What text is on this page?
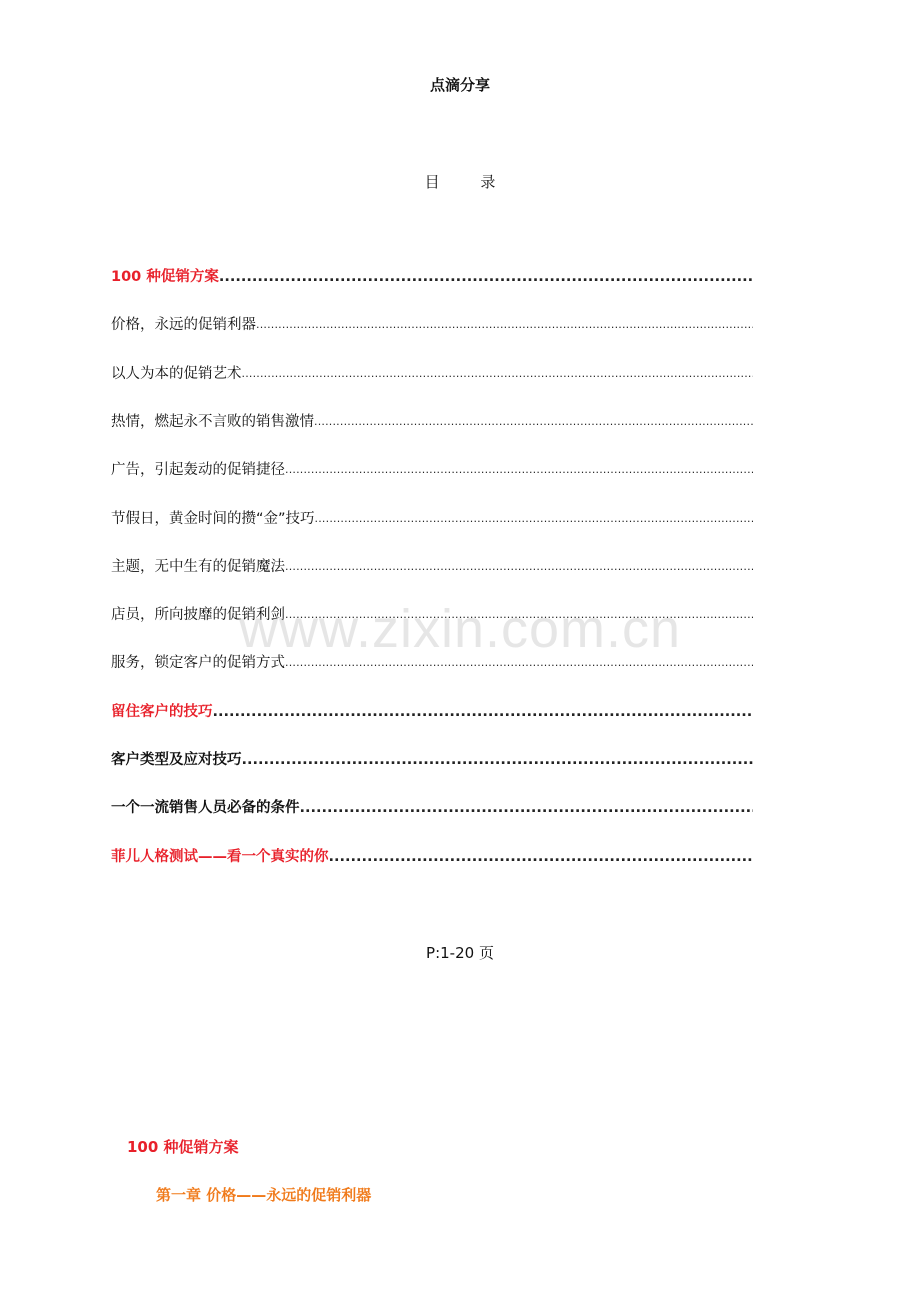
点滴分享
目 录
100 种促销方案
.....
价格，永远的促销利器
.....
以人为本的促销艺术
.....
热情，燃起永不言败的销售激情
.....
广告，引起轰动的促销捷径
.....
节假日，黄金时间的攒“金”技巧
.....
主题，无中生有的促销魔法
.....
店员，所向披靡的促销利剑
.....
服务，锁定客户的促销方式
.....
留住客户的技巧
.....
客户类型及应对技巧
.....
一个一流销售人员必备的条件
.....
菲儿人格测试——看一个真实的你
.....
www.zixin.com.cn
P:1-20 页
100 种促销方案
第一章 价格——永远的促销利器
